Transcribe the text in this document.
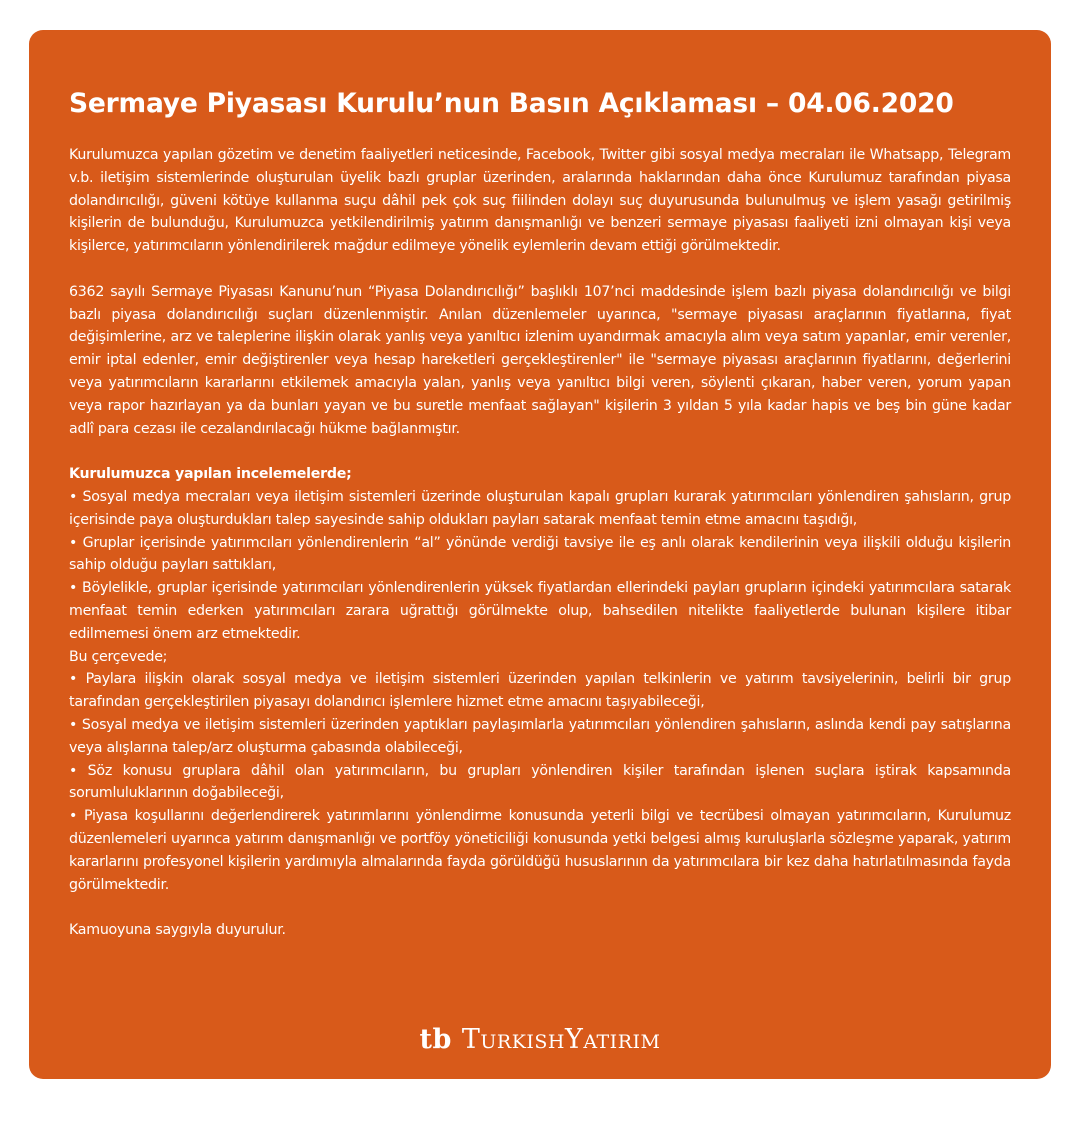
Sermaye Piyasası Kurulu’nun Basın Açıklaması – 04.06.2020

Kurulumuzca yapılan gözetim ve denetim faaliyetleri neticesinde, Facebook, Twitter gibi sosyal medya mecraları ile Whatsapp, Telegram v.b. iletişim sistemlerinde oluşturulan üyelik bazlı gruplar üzerinden, aralarında haklarından daha önce Kurulumuz tarafından piyasa dolandırıcılığı, güveni kötüye kullanma suçu dâhil pek çok suç fiilinden dolayı suç duyurusunda bulunulmuş ve işlem yasağı getirilmiş kişilerin de bulunduğu, Kurulumuzca yetkilendirilmiş yatırım danışmanlığı ve benzeri sermaye piyasası faaliyeti izni olmayan kişi veya kişilerce, yatırımcıların yönlendirilerek mağdur edilmeye yönelik eylemlerin devam ettiği görülmektedir.

6362 sayılı Sermaye Piyasası Kanunu’nun “Piyasa Dolandırıcılığı” başlıklı 107’nci maddesinde işlem bazlı piyasa dolandırıcılığı ve bilgi bazlı piyasa dolandırıcılığı suçları düzenlenmiştir. Anılan düzenlemeler uyarınca, "sermaye piyasası araçlarının fiyatlarına, fiyat değişimlerine, arz ve taleplerine ilişkin olarak yanlış veya yanıltıcı izlenim uyandırmak amacıyla alım veya satım yapanlar, emir verenler, emir iptal edenler, emir değiştirenler veya hesap hareketleri gerçekleştirenler" ile "sermaye piyasası araçlarının fiyatlarını, değerlerini veya yatırımcıların kararlarını etkilemek amacıyla yalan, yanlış veya yanıltıcı bilgi veren, söylenti çıkaran, haber veren, yorum yapan veya rapor hazırlayan ya da bunları yayan ve bu suretle menfaat sağlayan" kişilerin 3 yıldan 5 yıla kadar hapis ve beş bin güne kadar adlî para cezası ile cezalandırılacağı hükme bağlanmıştır.

Kurulumuzca yapılan incelemelerde;

• Sosyal medya mecraları veya iletişim sistemleri üzerinde oluşturulan kapalı grupları kurarak yatırımcıları yönlendiren şahısların, grup içerisinde paya oluşturdukları talep sayesinde sahip oldukları payları satarak menfaat temin etme amacını taşıdığı,

• Gruplar içerisinde yatırımcıları yönlendirenlerin “al” yönünde verdiği tavsiye ile eş anlı olarak kendilerinin veya ilişkili olduğu kişilerin sahip olduğu payları sattıkları,

• Böylelikle, gruplar içerisinde yatırımcıları yönlendirenlerin yüksek fiyatlardan ellerindeki payları grupların içindeki yatırımcılara satarak menfaat temin ederken yatırımcıları zarara uğrattığı görülmekte olup, bahsedilen nitelikte faaliyetlerde bulunan kişilere itibar edilmemesi önem arz etmektedir.

Bu çerçevede;

• Paylara ilişkin olarak sosyal medya ve iletişim sistemleri üzerinden yapılan telkinlerin ve yatırım tavsiyelerinin, belirli bir grup tarafından gerçekleştirilen piyasayı dolandırıcı işlemlere hizmet etme amacını taşıyabileceği,

• Sosyal medya ve iletişim sistemleri üzerinden yaptıkları paylaşımlarla yatırımcıları yönlendiren şahısların, aslında kendi pay satışlarına veya alışlarına talep/arz oluşturma çabasında olabileceği,

• Söz konusu gruplara dâhil olan yatırımcıların, bu grupları yönlendiren kişiler tarafından işlenen suçlara iştirak kapsamında sorumluluklarının doğabileceği,

• Piyasa koşullarını değerlendirerek yatırımlarını yönlendirme konusunda yeterli bilgi ve tecrübesi olmayan yatırımcıların, Kurulumuz düzenlemeleri uyarınca yatırım danışmanlığı ve portföy yöneticiliği konusunda yetki belgesi almış kuruluşlarla sözleşme yaparak, yatırım kararlarını profesyonel kişilerin yardımıyla almalarında fayda görüldüğü hususlarının da yatırımcılara bir kez daha hatırlatılmasında fayda görülmektedir.

Kamuoyuna saygıyla duyurulur.

tb TurkishYatırım
